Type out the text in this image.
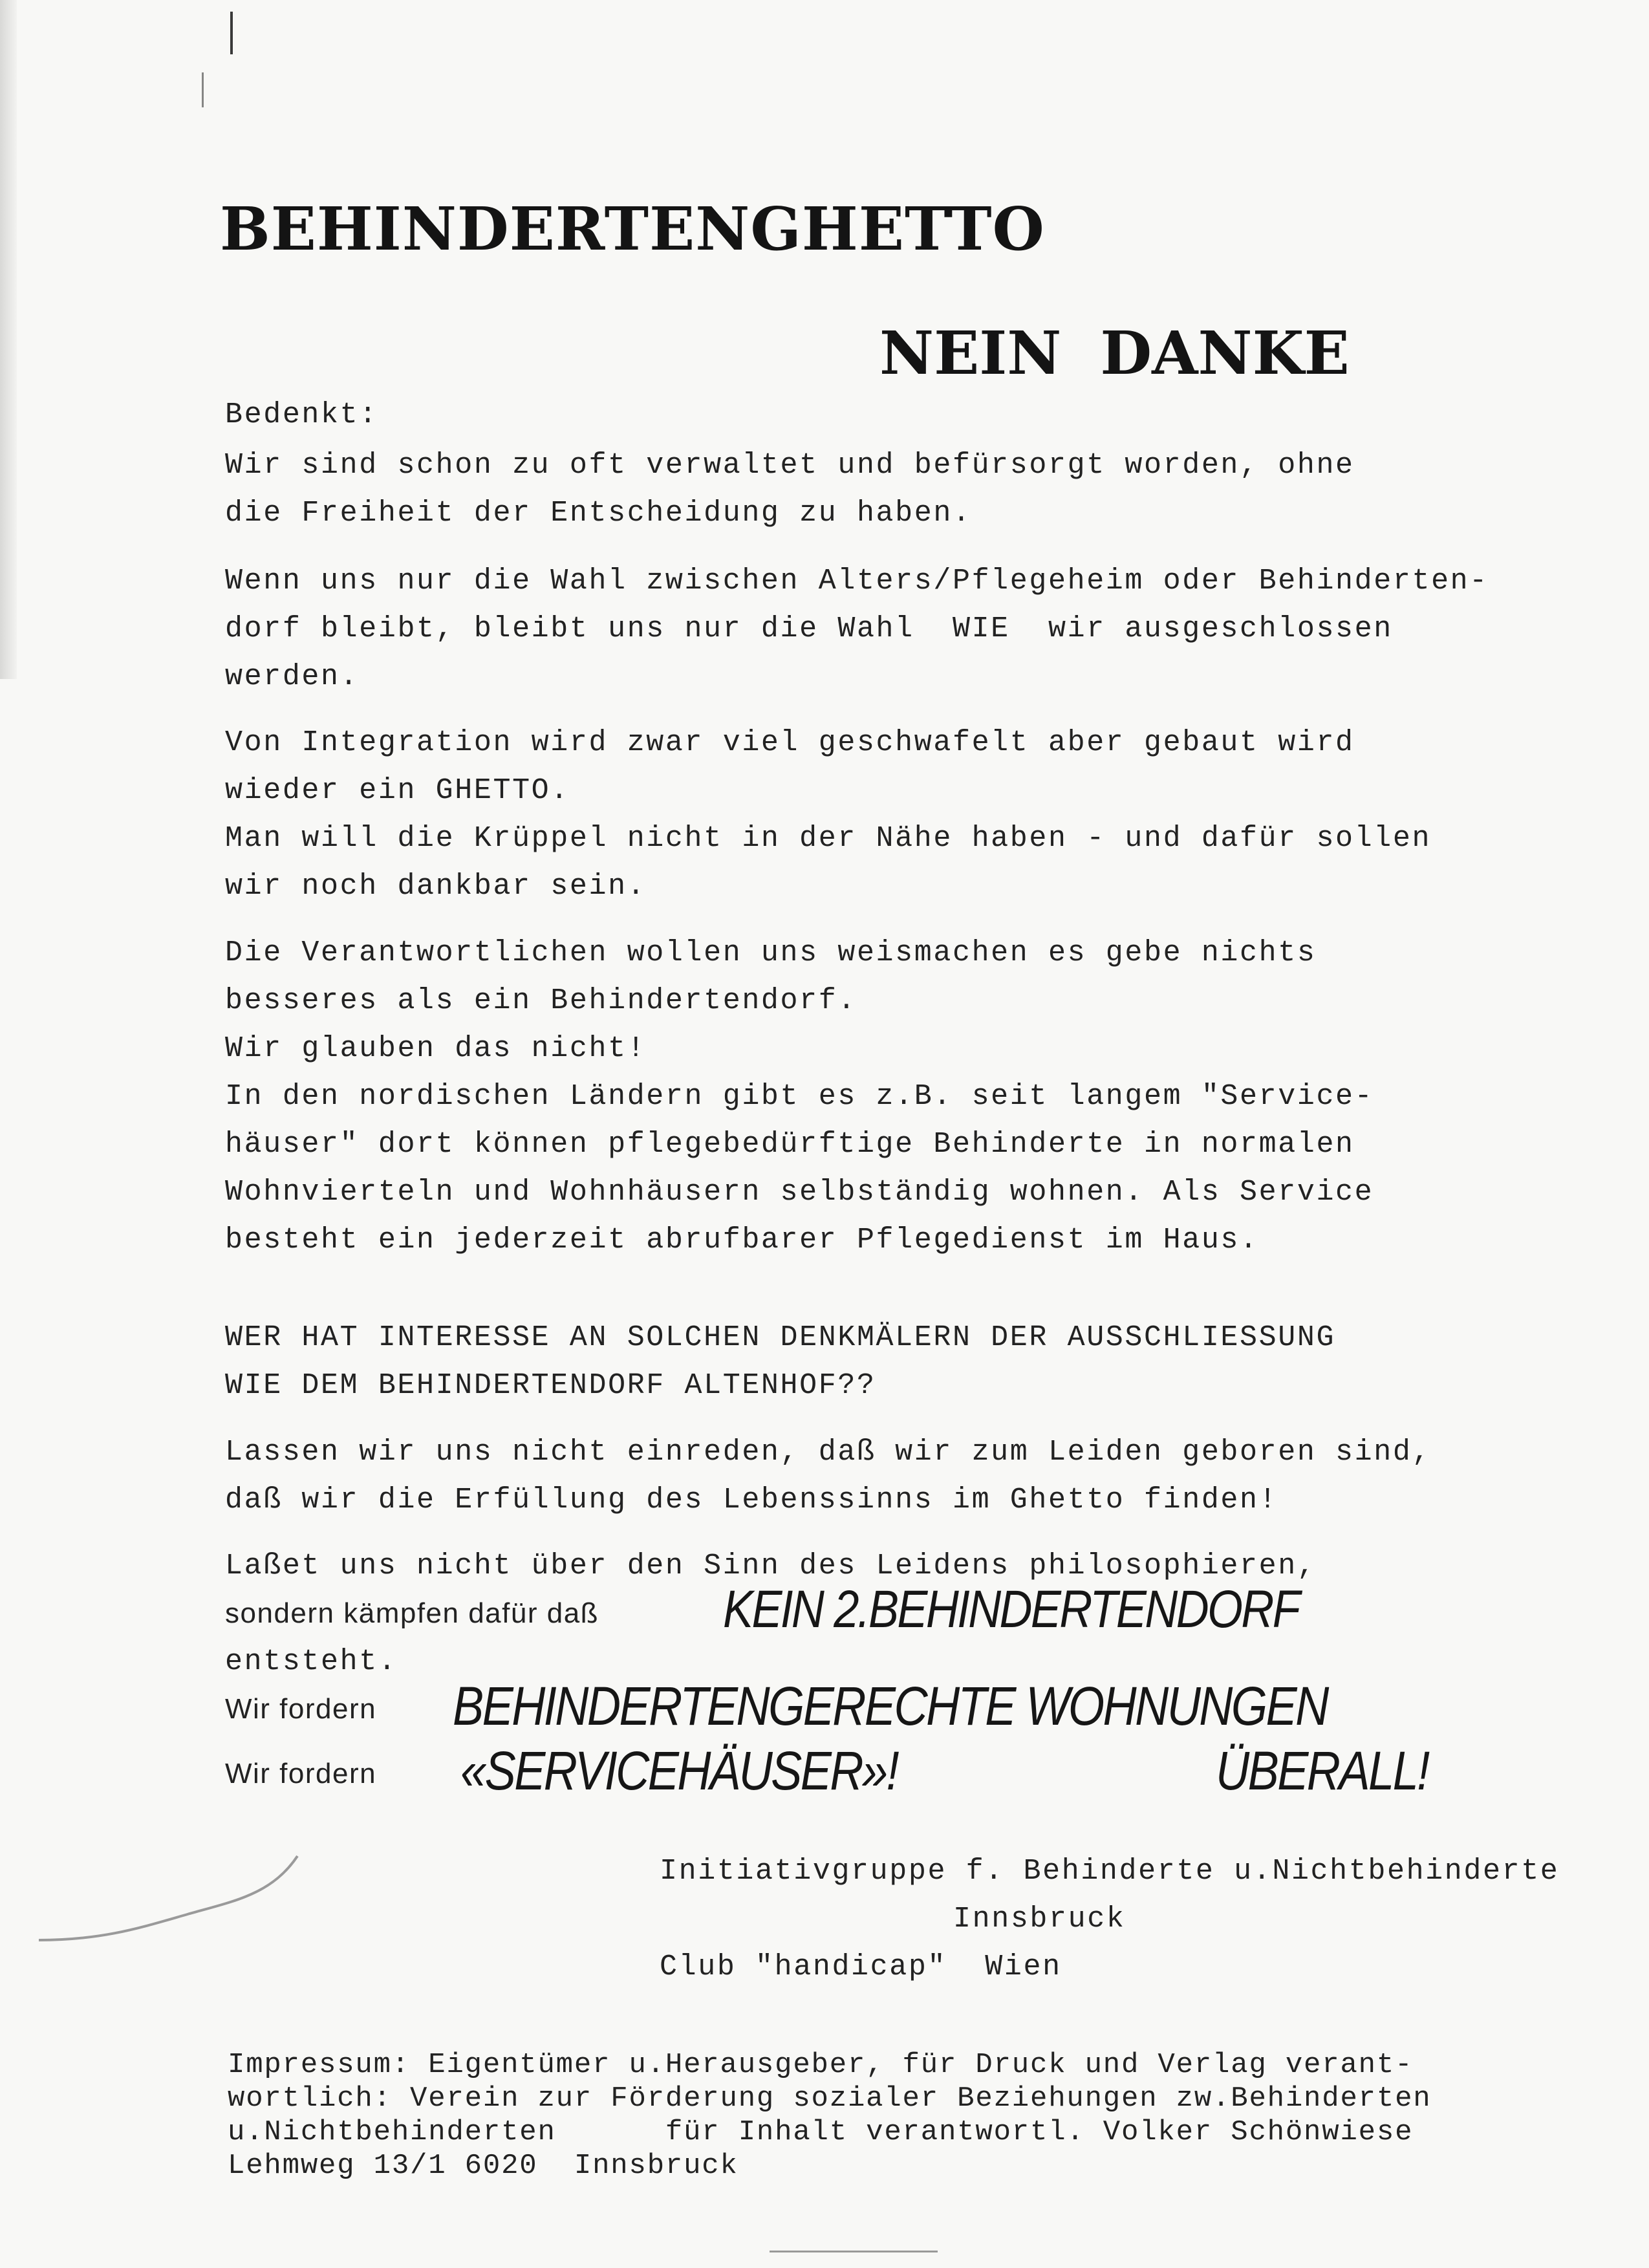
BEHINDERTENGHETTO
NEIN DANKE
Bedenkt:
Wir sind schon zu oft verwaltet und befürsorgt worden, ohne
die Freiheit der Entscheidung zu haben.
Wenn uns nur die Wahl zwischen Alters/Pflegeheim oder Behinderten-
dorf bleibt, bleibt uns nur die Wahl  WIE  wir ausgeschlossen
werden.
Von Integration wird zwar viel geschwafelt aber gebaut wird
wieder ein GHETTO.
Man will die Krüppel nicht in der Nähe haben - und dafür sollen
wir noch dankbar sein.
Die Verantwortlichen wollen uns weismachen es gebe nichts
besseres als ein Behindertendorf.
Wir glauben das nicht!
In den nordischen Ländern gibt es z.B. seit langem "Service-
häuser" dort können pflegebedürftige Behinderte in normalen
Wohnvierteln und Wohnhäusern selbständig wohnen. Als Service
besteht ein jederzeit abrufbarer Pflegedienst im Haus.
WER HAT INTERESSE AN SOLCHEN DENKMÄLERN DER AUSSCHLIESSUNG
WIE DEM BEHINDERTENDORF ALTENHOF??
Lassen wir uns nicht einreden, daß wir zum Leiden geboren sind,
daß wir die Erfüllung des Lebenssinns im Ghetto finden!
Laßet uns nicht über den Sinn des Leidens philosophieren,
sondern kämpfen dafür daß KEIN 2.BEHINDERTENDORF
entsteht.
Wir fordern BEHINDERTENGERECHTE WOHNUNGEN
Wir fordern «SERVICEHÄUSER»!	ÜBERALL!
Initiativgruppe f. Behinderte u.Nichtbehinderte
Innsbruck
Club "handicap"  Wien
Impressum: Eigentümer u.Herausgeber, für Druck und Verlag verant-
wortlich: Verein zur Förderung sozialer Beziehungen zw.Behinderten
u.Nichtbehinderten      für Inhalt verantwortl. Volker Schönwiese
Lehmweg 13/1 6020  Innsbruck
